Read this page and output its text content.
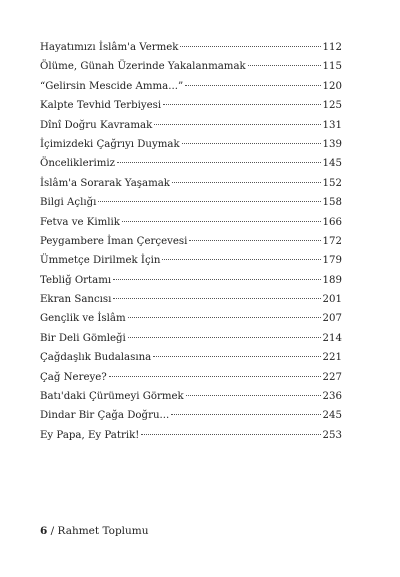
Hayatımızı İslâm'a Vermek	112
Ölüme, Günah Üzerinde Yakalanmamak	115
“Gelirsin Mescide Amma...”	120
Kalpte Tevhid Terbiyesi	125
Dînî Doğru Kavramak	131
İçimizdeki Çağrıyı Duymak	139
Önceliklerimiz	145
İslâm'a Sorarak Yaşamak	152
Bilgi Açlığı	158
Fetva ve Kimlik	166
Peygambere İman Çerçevesi	172
Ümmetçe Dirilmek İçin	179
Tebliğ Ortamı	189
Ekran Sancısı	201
Gençlik ve İslâm	207
Bir Deli Gömleği	214
Çağdaşlık Budalasına	221
Çağ Nereye?	227
Batı'daki Çürümeyi Görmek	236
Dindar Bir Çağa Doğru...	245
Ey Papa, Ey Patrik!	253
6 / Rahmet Toplumu
